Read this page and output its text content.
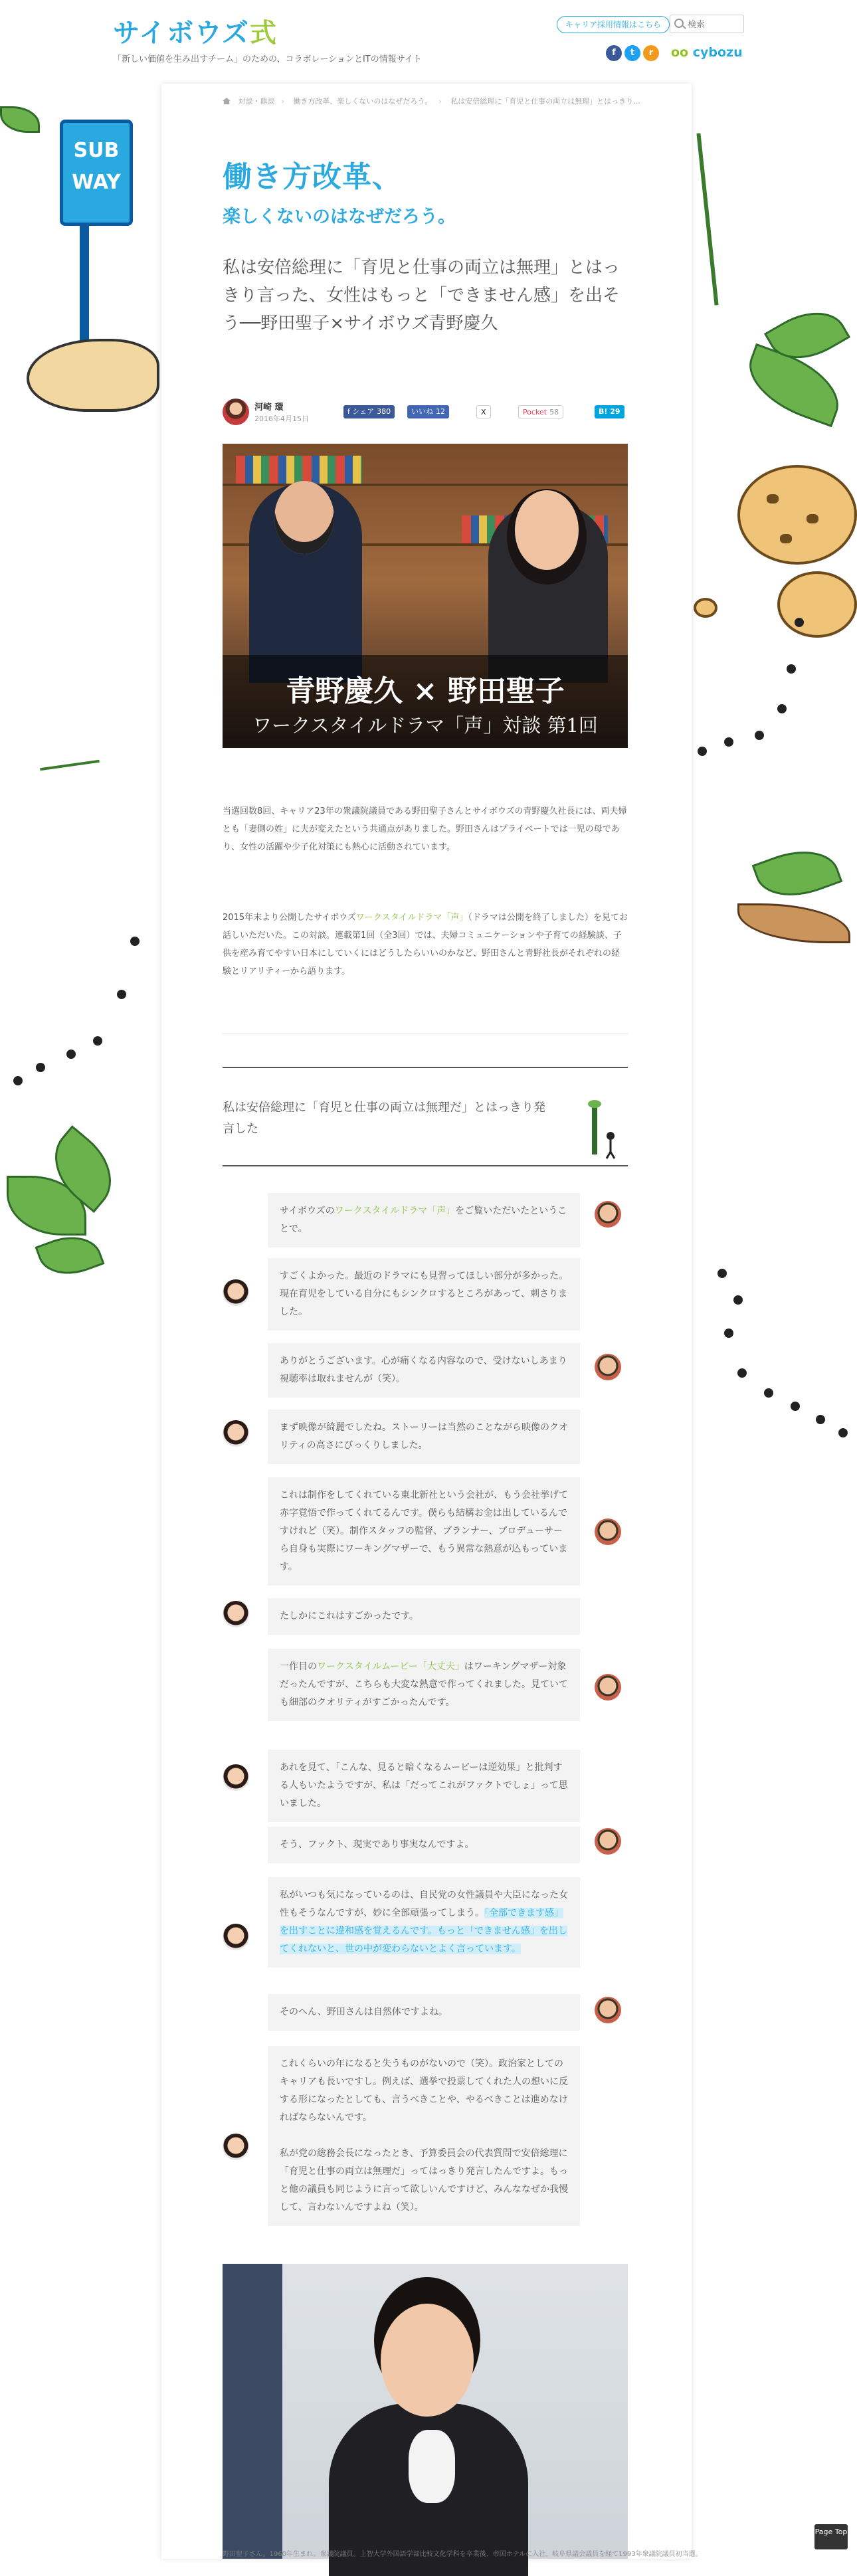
サイボウズ式
「新しい価値を生み出すチーム」のための、コラボレーションとITの情報サイト
キャリア採用情報はこちら
検索
f	t	r	oo cybozu
SUB
WAY
対談・鼎談 › 働き方改革、楽しくないのはなぜだろう。 › 私は安倍総理に「育児と仕事の両立は無理」とはっきり...
働き方改革、
楽しくないのはなぜだろう。
私は安倍総理に「育児と仕事の両立は無理」とはっきり言った、女性はもっと「できません感」を出そう──野田聖子×サイボウズ青野慶久
河崎 環
2016年4月15日
f シェア 380	いいね 12	X	Pocket 58	B! 29
青野慶久 × 野田聖子
ワークスタイルドラマ「声」対談 第1回

当選回数8回、キャリア23年の衆議院議員である野田聖子さんとサイボウズの青野慶久社長には、両夫婦とも「妻側の姓」に夫が変えたという共通点がありました。野田さんはプライベートでは一児の母であり、女性の活躍や少子化対策にも熱心に活動されています。

2015年末より公開したサイボウズワークスタイルドラマ「声」（ドラマは公開を終了しました）を見てお話しいただいた。この対談。連載第1回（全3回）では、夫婦コミュニケーションや子育ての経験談、子供を産み育てやすい日本にしていくにはどうしたらいいのかなど、野田さんと青野社長がそれぞれの経験とリアリティーから語ります。

私は安倍総理に「育児と仕事の両立は無理だ」とはっきり発言した
サイボウズのワークスタイルドラマ「声」をご覧いただいたということで。
すごくよかった。最近のドラマにも見習ってほしい部分が多かった。現在育児をしている自分にもシンクロするところがあって、刺さりました。
ありがとうございます。心が痛くなる内容なので、受けないしあまり視聴率は取れませんが（笑）。
まず映像が綺麗でしたね。ストーリーは当然のことながら映像のクオリティの高さにびっくりしました。
これは制作をしてくれている東北新社という会社が、もう会社挙げて赤字覚悟で作ってくれてるんです。僕らも結構お金は出しているんですけれど（笑）。制作スタッフの監督、プランナー、プロデューサーら自身も実際にワーキングマザーで、もう異常な熱意が込もっています。
たしかにこれはすごかったです。
一作目のワークスタイルムービー「大丈夫」はワーキングマザー対象だったんですが、こちらも大変な熱意で作ってくれました。見ていても細部のクオリティがすごかったんです。
あれを見て、「こんな、見ると暗くなるムービーは逆効果」と批判する人もいたようですが、私は「だってこれがファクトでしょ」って思いました。
そう、ファクト、現実であり事実なんですよ。
私がいつも気になっているのは、自民党の女性議員や大臣になった女性もそうなんですが、妙に全部頑張ってしまう。「全部できます感」を出すことに違和感を覚えるんです。もっと「できません感」を出してくれないと、世の中が変わらないとよく言っています。
そのへん、野田さんは自然体ですよね。
これくらいの年になると失うものがないので（笑）。政治家としてのキャリアも長いですし。例えば、選挙で投票してくれた人の想いに反する形になったとしても、言うべきことや、やるべきことは進めなければならないんです。

私が党の総務会長になったとき、予算委員会の代表質問で安倍総理に「育児と仕事の両立は無理だ」ってはっきり発言したんですよ。もっと他の議員も同じように言って欲しいんですけど、みんななぜか我慢して、言わないんですよね（笑）。
野田聖子さん。1960年生まれ。衆議院議員。上智大学外国語学部比較文化学科を卒業後、帝国ホテルに入社。岐阜県議会議員を経て1993年衆議院議員初当選。
Page Top
